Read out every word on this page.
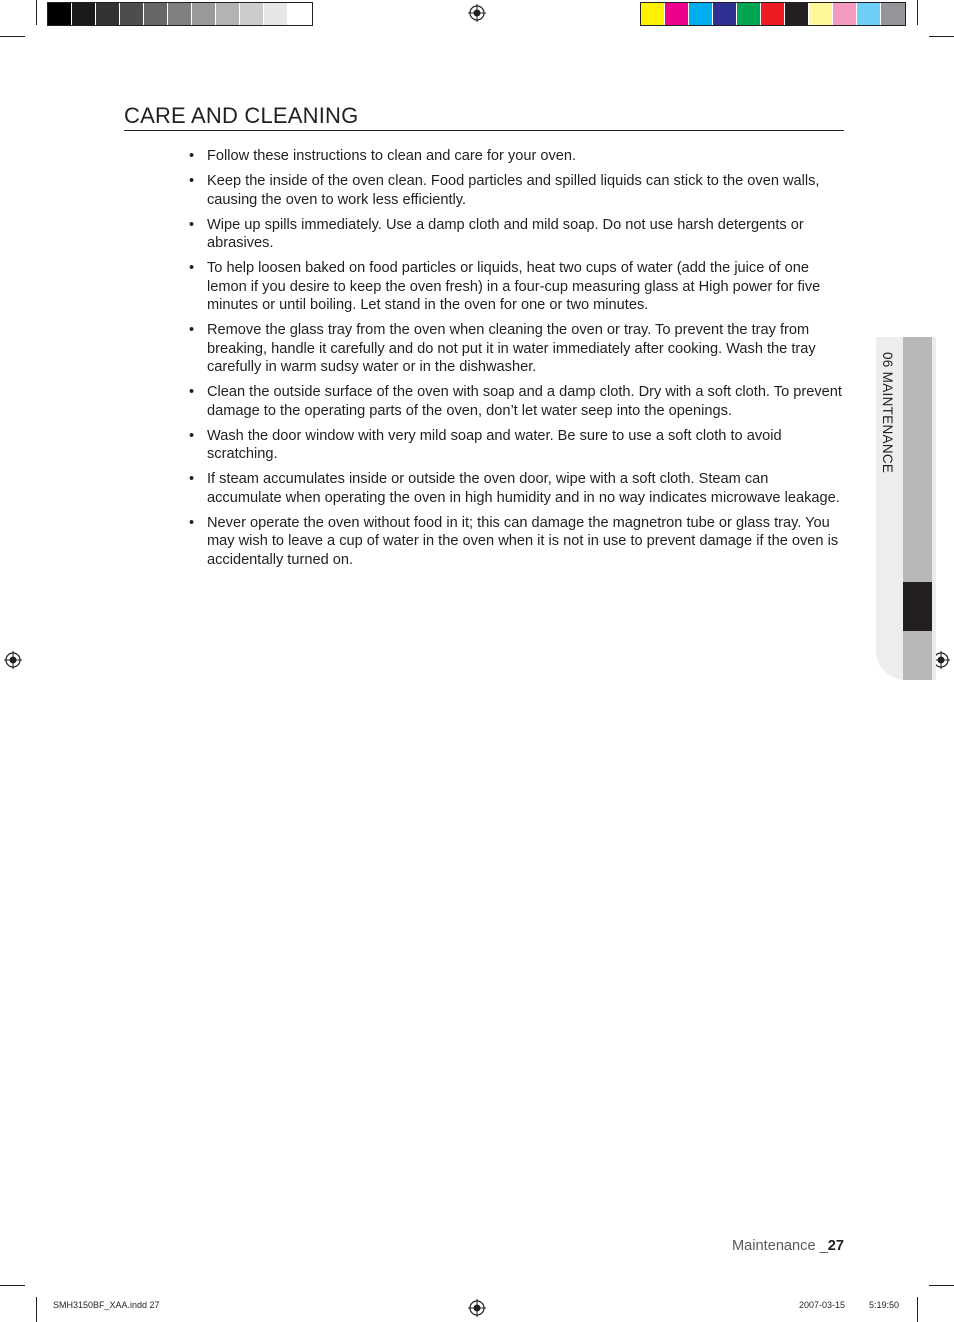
CARE AND CLEANING
• Follow these instructions to clean and care for your oven.
• Keep the inside of the oven clean. Food particles and spilled liquids can stick to the oven walls, causing the oven to work less efficiently.
• Wipe up spills immediately. Use a damp cloth and mild soap. Do not use harsh detergents or abrasives.
• To help loosen baked on food particles or liquids, heat two cups of water (add the juice of one lemon if you desire to keep the oven fresh) in a four-cup measuring glass at High power for five minutes or until boiling. Let stand in the oven for one or two minutes.
• Remove the glass tray from the oven when cleaning the oven or tray. To prevent the tray from breaking, handle it carefully and do not put it in water immediately after cooking. Wash the tray carefully in warm sudsy water or in the dishwasher.
• Clean the outside surface of the oven with soap and a damp cloth. Dry with a soft cloth. To prevent damage to the operating parts of the oven, don’t let water seep into the openings.
• Wash the door window with very mild soap and water. Be sure to use a soft cloth to avoid scratching.
• If steam accumulates inside or outside the oven door, wipe with a soft cloth. Steam can accumulate when operating the oven in high humidity and in no way indicates microwave leakage.
• Never operate the oven without food in it; this can damage the magnetron tube or glass tray. You may wish to leave a cup of water in the oven when it is not in use to prevent damage if the oven is accidentally turned on.
06 MAINTENANCE
Maintenance _27
SMH3150BF_XAA.indd 27	2007-03-15	5:19:50
